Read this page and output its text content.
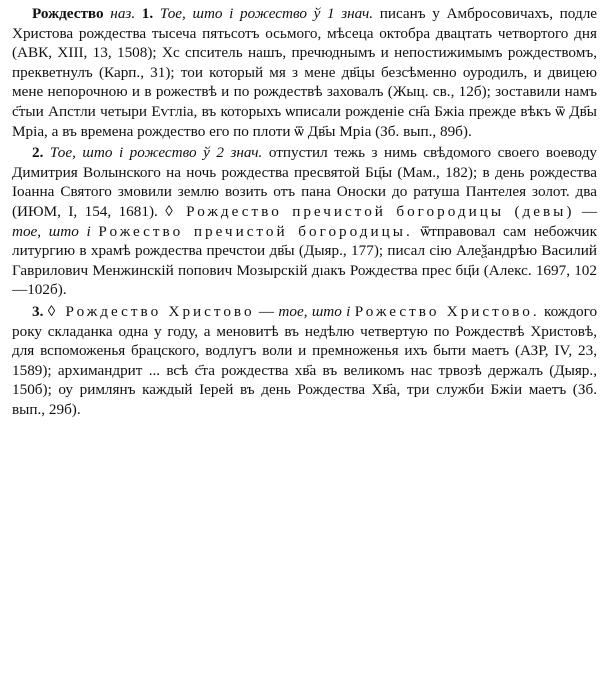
Рождество наз. 1. Тое, што і рожество ў 1 знач. писанъ у Амбросовичахъ, подле Христова рождества тысеча пятьсотъ осьмого, мѣсеца октобра двацтать четвортого дня (АВК, XIII, 13, 1508); Хс спситель нашъ, пречюднымъ и непостижимымъ рождествомъ, прекветнулъ (Карп., 31); тои который мя з мене дв҃цы безсѣменно оуродилъ, и двицею мене непорочною и в рожествѣ и по рождествѣ заховалъ (Жыц. св., 12б); зоставили намъ с҃тыи Апстли четыри Еѵгліа, въ которыхъ ѡписали рожденіе сн҃а Бжіа прежде вѣкъ ѿ Дв҃ы Мріа, а въ времена рождество его по плоти ѿ Дв҃ы Мріа (Зб. вып., 89б).

2. Тое, што і рожество ў 2 знач. отпустил тежь з нимь свѣдомого своего воеводу Димитрия Волынского на ночь рождества пресвятой Бц҃ы (Мам., 182); в день рождества Іоанна Святого змовили землю возить отъ пана Оноски до ратуша Пантелея золот. два (ИЮМ, I, 154, 1681). ◊ Рождество пречистой богородицы (девы) — тое, што і Рожество пречистой богородицы. ѿтправовал сам небожчик литургию в храмѣ рождества пречстои дв҃ы (Дыяр., 177); писал сію Алеѯандрѣю Василий Гаврилович Менжинскій попович Мозырскій дıакъ Рождества прес бц҃и (Алекс. 1697, 102—102б).

3. ◊ Рождество Христово — тое, што і Рожество Христово. кождого року складанка одна у году, а меновитѣ въ недѣлю четвертую по Рождествѣ Христовѣ, для вспоможенья брацского, водлугъ воли и премноженья ихъ быти маетъ (АЗР, IV, 23, 1589); архимандрит ... всѣ с҃та рождества хв҃а въ великомъ нас трвозѣ держалъ (Дыяр., 150б); оу римлянъ каждый Іерей въ день Рождества Хв҃а, три служби Бжіи маетъ (Зб. вып., 29б).
